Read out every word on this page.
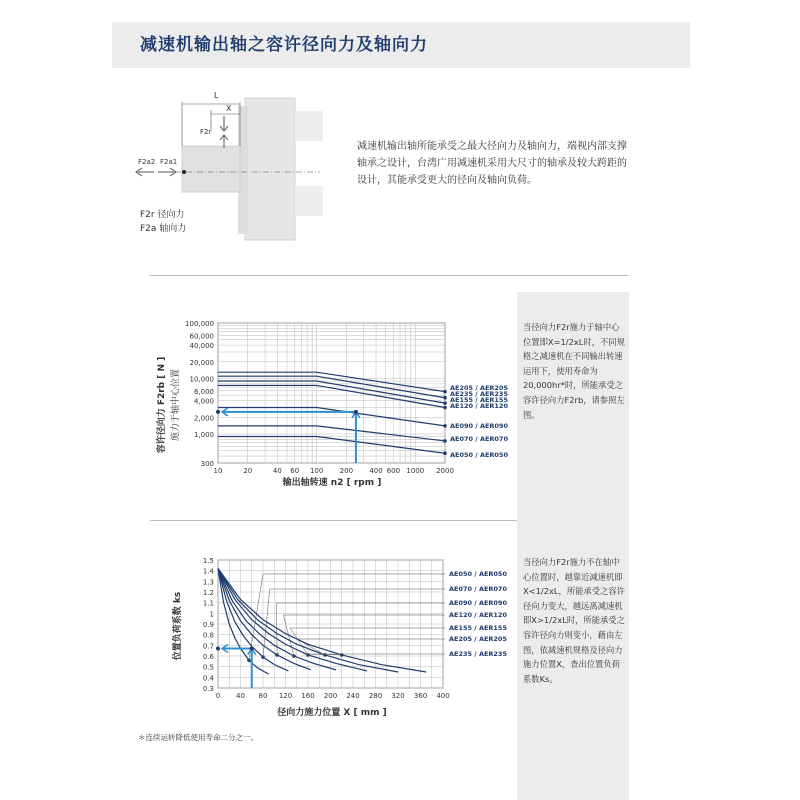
减速机输出轴之容许径向力及轴向力
L
X
F2r
F2a2 F2a1
减速机输出轴所能承受之最大径向力及轴向力，端视内部支撑轴承之设计，台湾广用减速机采用大尺寸的轴承及较大跨距的设计，其能承受更大的径向及轴向负荷。
F2r 径向力
F2a 轴向力
当径向力F2r施力于轴中心位置即X=1/2xL时，不同规格之减速机在不同输出转速运用下，使用寿命为20,000hr*时，所能承受之容许径向力F2rb，请参照左图。
当径向力F2r施力不在轴中心位置时，越靠近减速机即X<1/2xL，所能承受之容许径向力变大，越远离减速机即X>1/2xL时，所能承受之容许径向力则变小，藉由左图，依减速机规格及径向力施力位置X，查出位置负荷系数Ks。
100,000
60,000
40,000
20,000
10,000
6,000
4,000
2,000
1,000
300
10	20	40 60 100 200 400 600 1000 2000
AE205 / AER205
AE235 / AER235
AE155 / AER155
AE120 / AER120
AE090 / AER090
AE070 / AER070
AE050 / AER050
输出轴转速 n2 [ rpm ]
容许径向力 F2rb [ N ] 施力于轴中心位置
1.5
1.4
1.3
1.2
1.1
1
0.9
0.8
0.7
0.6
0.5
0.4
0.3
0 40 80 120 160 200 240 280 320 360 400
AE050 / AER050
AE070 / AER070
AE090 / AER090
AE120 / AER120
AE155 / AER155
AE205 / AER205
AE235 / AER235
径向力施力位置 X [ mm ]
位置负荷系数 ks
＊连续运转降低使用寿命二分之一。
